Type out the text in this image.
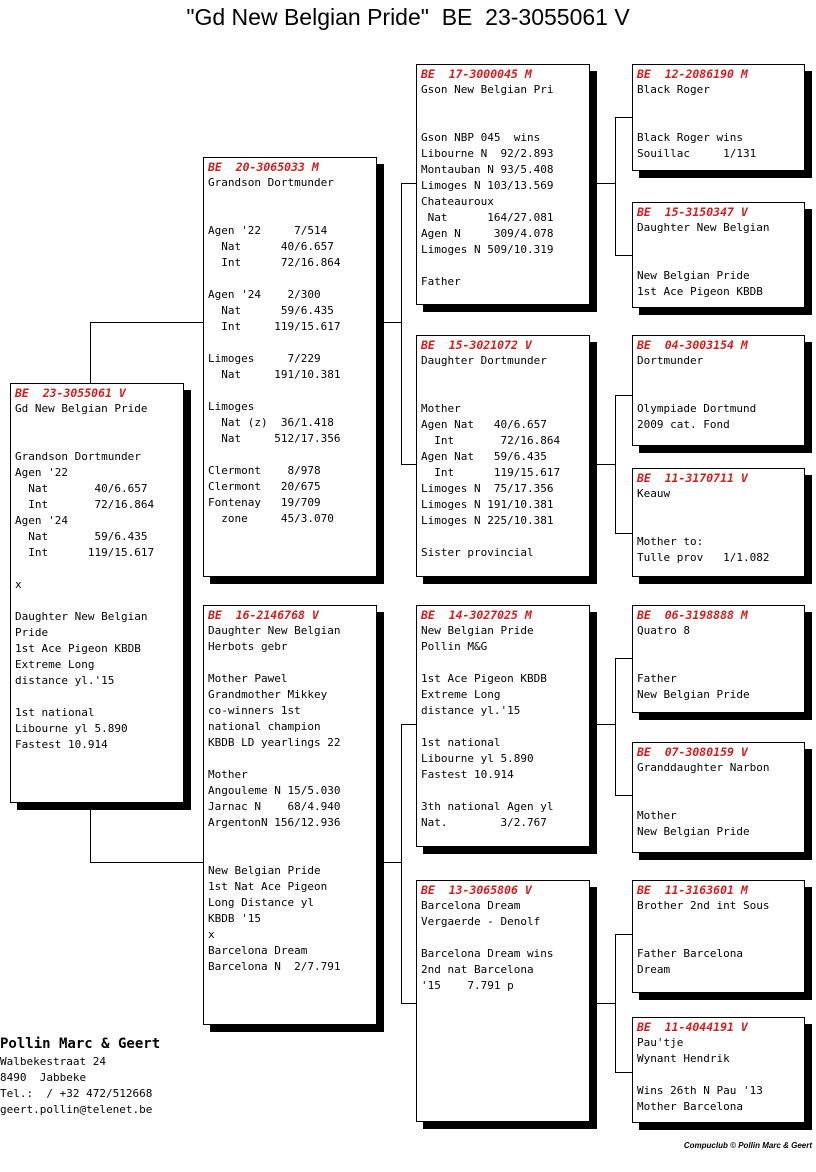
"Gd New Belgian Pride"  BE  23-3055061 V
BE  23-3055061 V
Gd New Belgian Pride
Grandson Dortmunder
Agen '22
Nat       40/6.657
Int       72/16.864
Agen '24
Nat       59/6.435
Int      119/15.617
x
Daughter New Belgian
Pride
1st Ace Pigeon KBDB
Extreme Long
distance yl.'15
1st national
Libourne yl 5.890
Fastest 10.914
BE  20-3065033 M
Grandson Dortmunder
Agen '22     7/514
Nat      40/6.657
Int      72/16.864
Agen '24    2/300
Nat      59/6.435
Int     119/15.617
Limoges     7/229
Nat     191/10.381
Limoges
Nat (z)  36/1.418
Nat     512/17.356
Clermont    8/978
Clermont   20/675
Fontenay   19/709
zone     45/3.070
BE  16-2146768 V
Daughter New Belgian
Herbots gebr
Mother Pawel
Grandmother Mikkey
co-winners 1st
national champion
KBDB LD yearlings 22
Mother
Angouleme N 15/5.030
Jarnac N    68/4.940
ArgentonN 156/12.936
New Belgian Pride
1st Nat Ace Pigeon
Long Distance yl
KBDB '15
x
Barcelona Dream
Barcelona N  2/7.791
BE  17-3000045 M
Gson New Belgian Pri
Gson NBP 045  wins
Libourne N  92/2.893
Montauban N 93/5.408
Limoges N 103/13.569
Chateauroux
Nat      164/27.081
Agen N     309/4.078
Limoges N 509/10.319
Father
BE  15-3021072 V
Daughter Dortmunder
Mother
Agen Nat   40/6.657
Int       72/16.864
Agen Nat   59/6.435
Int      119/15.617
Limoges N  75/17.356
Limoges N 191/10.381
Limoges N 225/10.381
Sister provincial
BE  14-3027025 M
New Belgian Pride
Pollin M&G
1st Ace Pigeon KBDB
Extreme Long
distance yl.'15
1st national
Libourne yl 5.890
Fastest 10.914
3th national Agen yl
Nat.        3/2.767
BE  13-3065806 V
Barcelona Dream
Vergaerde - Denolf
Barcelona Dream wins
2nd nat Barcelona
'15    7.791 p
BE  12-2086190 M
Black Roger
Black Roger wins
Souillac     1/131
BE  15-3150347 V
Daughter New Belgian
New Belgian Pride
1st Ace Pigeon KBDB
BE  04-3003154 M
Dortmunder
Olympiade Dortmund
2009 cat. Fond
BE  11-3170711 V
Keauw
Mother to:
Tulle prov   1/1.082
BE  06-3198888 M
Quatro 8
Father
New Belgian Pride
BE  07-3080159 V
Granddaughter Narbon
Mother
New Belgian Pride
BE  11-3163601 M
Brother 2nd int Sous
Father Barcelona
Dream
BE  11-4044191 V
Pau'tje
Wynant Hendrik
Wins 26th N Pau '13
Mother Barcelona
Pollin Marc & Geert
Walbekestraat 24
8490  Jabbeke
Tel.:  / +32 472/512668
geert.pollin@telenet.be
Compuclub © Pollin Marc & Geert
